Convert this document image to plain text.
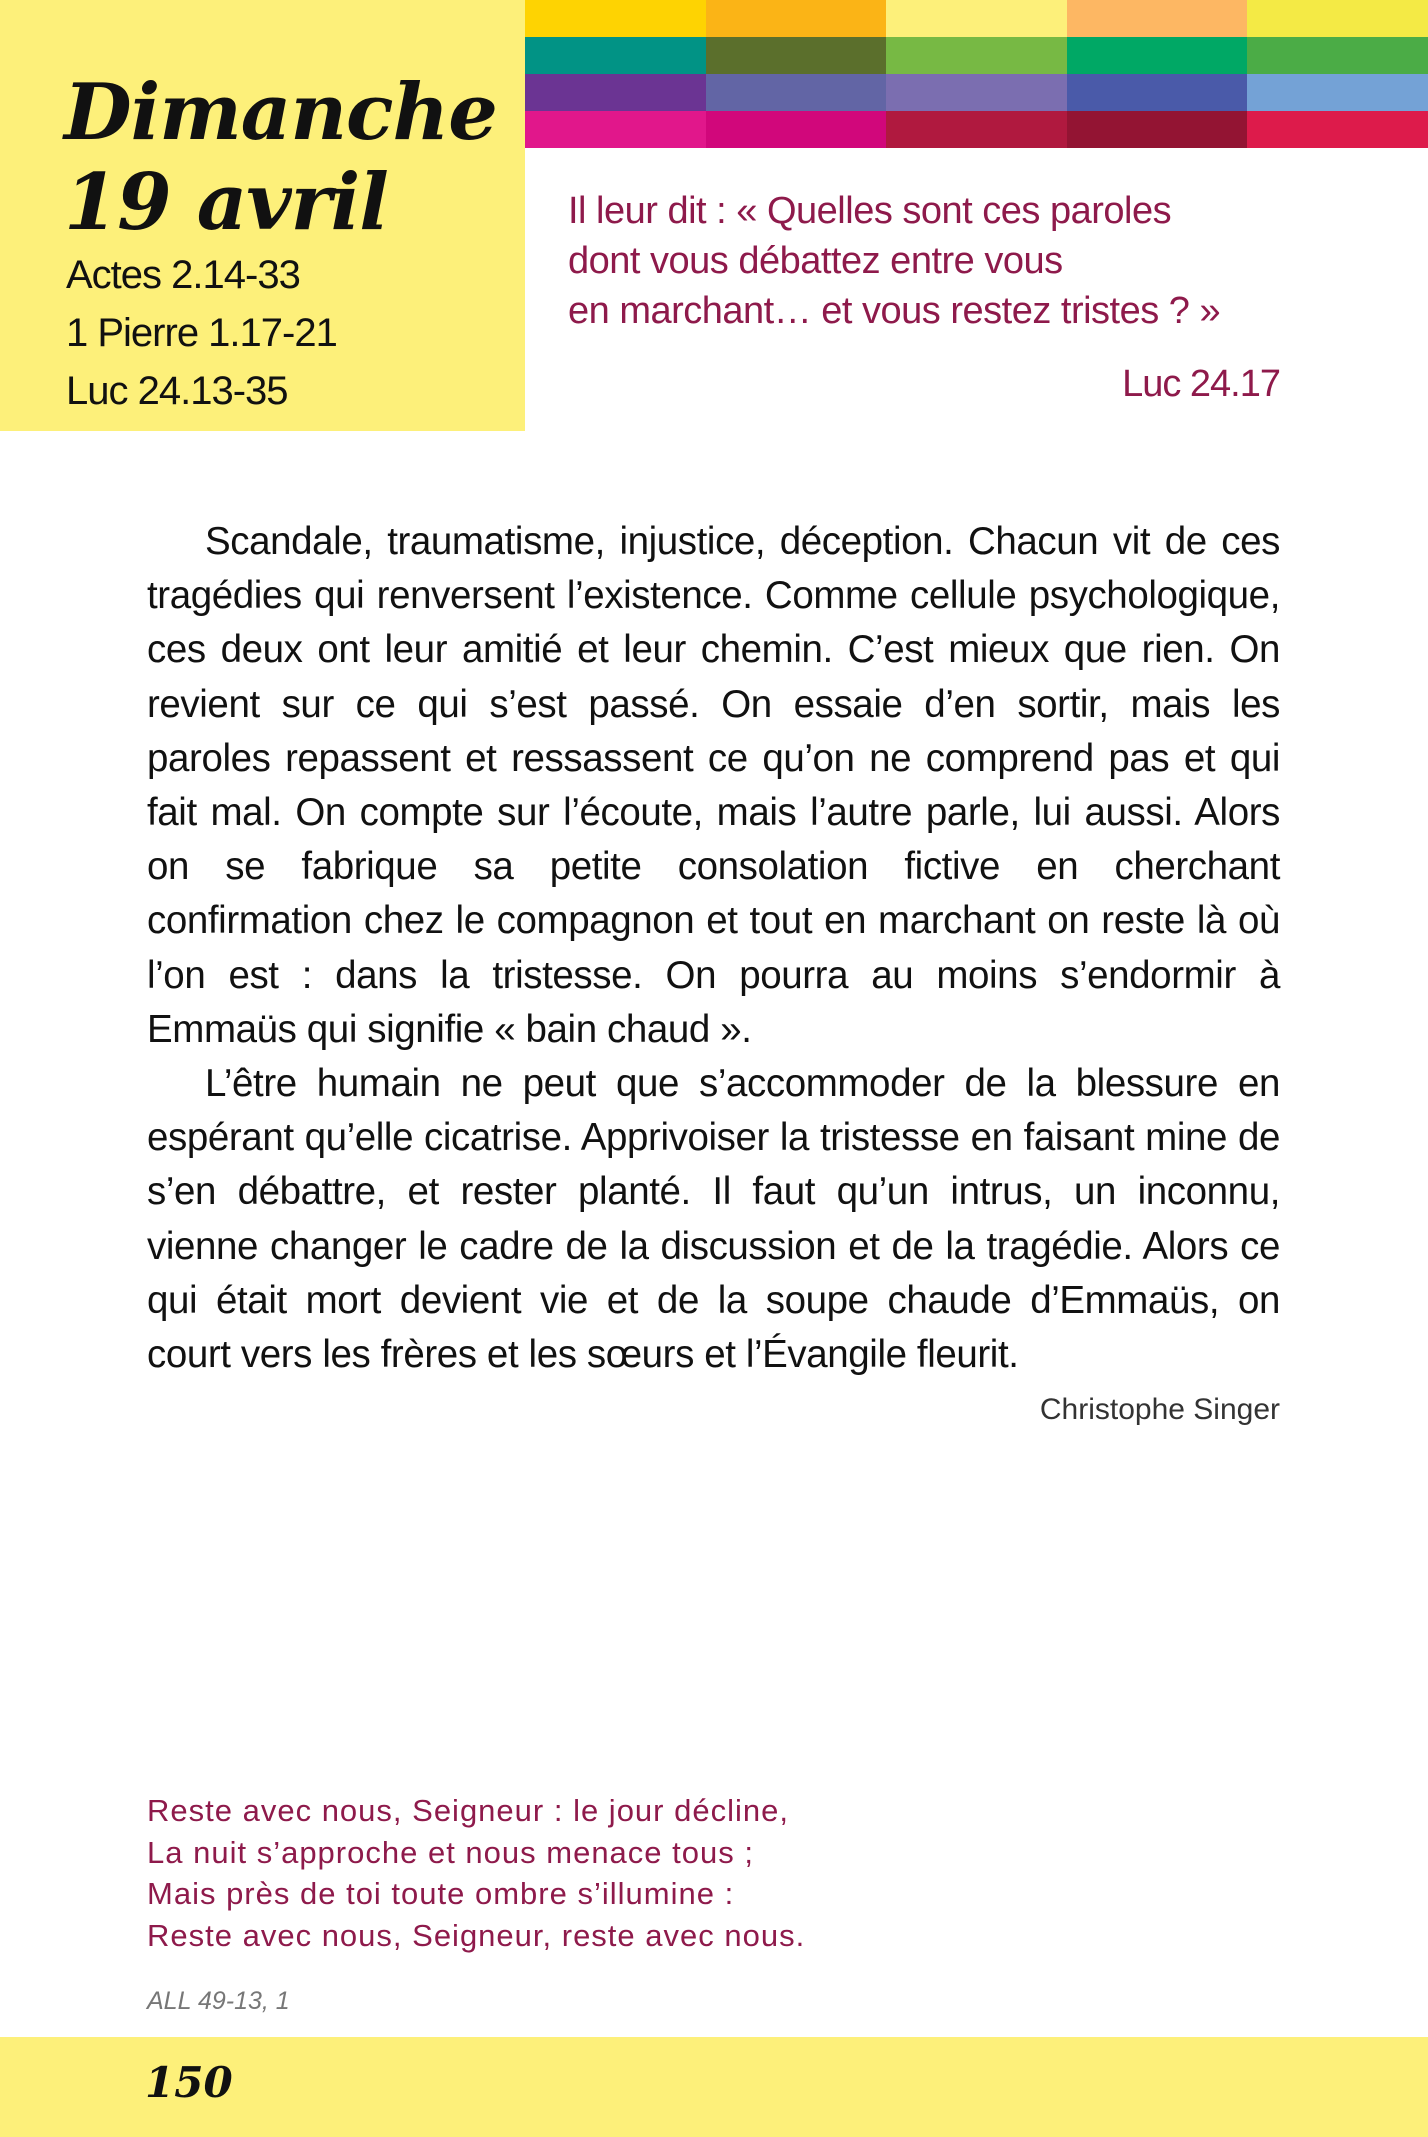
Dimanche
19 avril
Actes 2.14-33
1 Pierre 1.17-21
Luc 24.13-35

Il leur dit : « Quelles sont ces paroles
dont vous débattez entre vous
en marchant… et vous restez tristes ? »

Luc 24.17

Scandale, traumatisme, injustice, déception. Chacun vit de ces tragédies qui renversent l’existence. Comme cellule psychologique, ces deux ont leur amitié et leur chemin. C’est mieux que rien. On revient sur ce qui s’est passé. On essaie d’en sortir, mais les paroles repassent et ressassent ce qu’on ne comprend pas et qui fait mal. On compte sur l’écoute, mais l’autre parle, lui aussi. Alors on se fabrique sa petite consolation fictive en cherchant confirmation chez le compagnon et tout en marchant on reste là où l’on est : dans la tristesse. On pourra au moins s’endormir à Emmaüs qui signifie « bain chaud ».

L’être humain ne peut que s’accommoder de la blessure en espérant qu’elle cicatrise. Apprivoiser la tristesse en faisant mine de s’en débattre, et rester planté. Il faut qu’un intrus, un inconnu, vienne changer le cadre de la discussion et de la tragédie. Alors ce qui était mort devient vie et de la soupe chaude d’Emmaüs, on court vers les frères et les sœurs et l’Évangile fleurit.

Christophe Singer

Reste avec nous, Seigneur : le jour décline,
La nuit s’approche et nous menace tous ;
Mais près de toi toute ombre s’illumine :
Reste avec nous, Seigneur, reste avec nous.

ALL 49-13, 1

150
